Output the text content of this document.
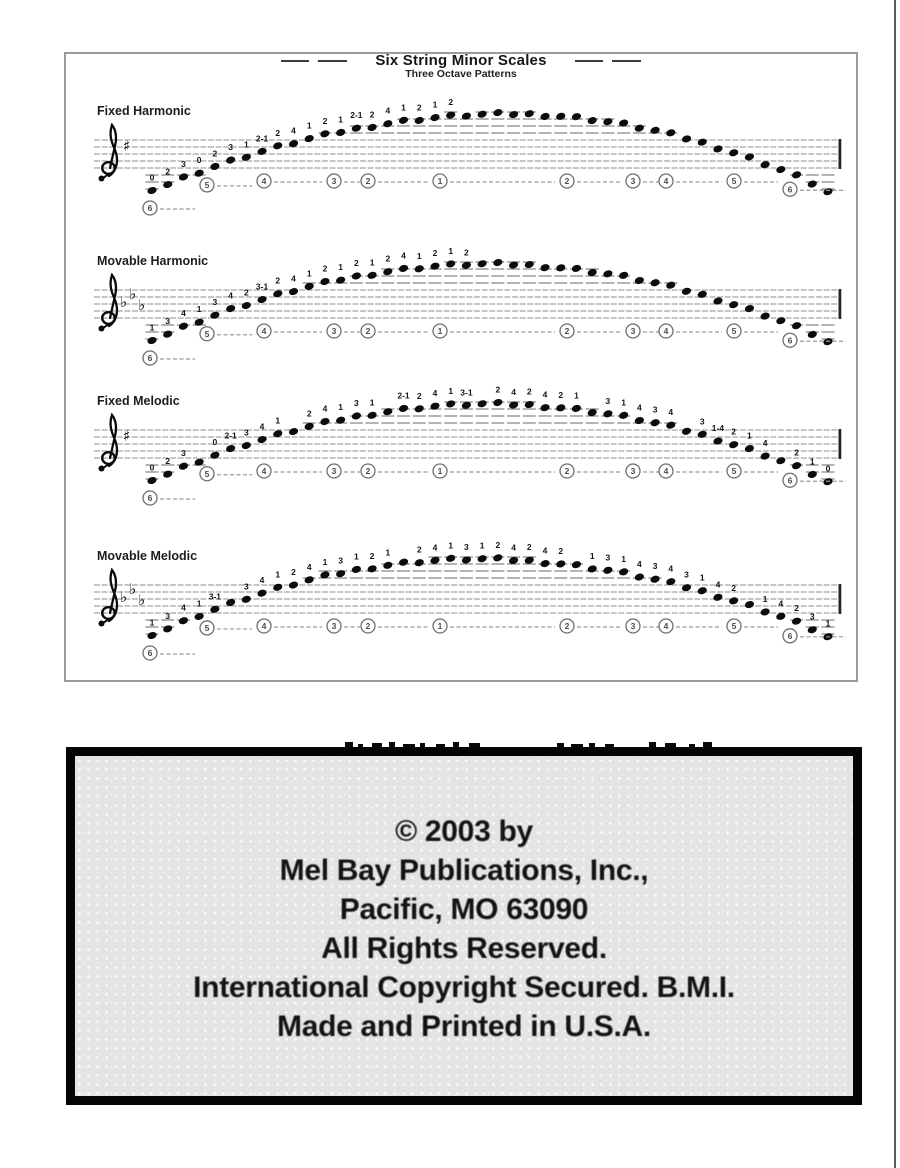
Six String Minor Scales
Three Octave Patterns
Fixed Harmonic
Movable Harmonic
Fixed Melodic
Movable Melodic
♯
0
2
3 0
2
3 1
2-1
2 4
1 2 1 2-1 2 4 1 2 1 2
6
5	4	3	2	1	2	3	4	5
6
♭ ♭
♭
1
3
4 1
3
4 2
3-1
2 4
1 2 1 2 1 2 4 1 2 1 2
6
5	4	3	2	1	2	3	4	5
6
♯
0
2
3
0
2-1 3
4
1
2 4 1 3 1
2-1 2 4 1 3-1	2 4 2 4 2 1
3 1
4 3 4
3
1-4 2 1
4
2
1
0
6
5	4	3	2	1	2	3	4	5
6
♭ ♭
♭
1
3
4 1
3-1
3
4
1 2
4 1 3 1 2 1	2 4 1 3 1 2 4 2 4 2	1 3 1
4 3 4
3 1
4 2
1 4 2
3
1
6
5	4	3	2	1	2	3	4	5
6
© 2003 by
Mel Bay Publications, Inc.,
Pacific, MO 63090
All Rights Reserved.
International Copyright Secured. B.M.I.
Made and Printed in U.S.A.
